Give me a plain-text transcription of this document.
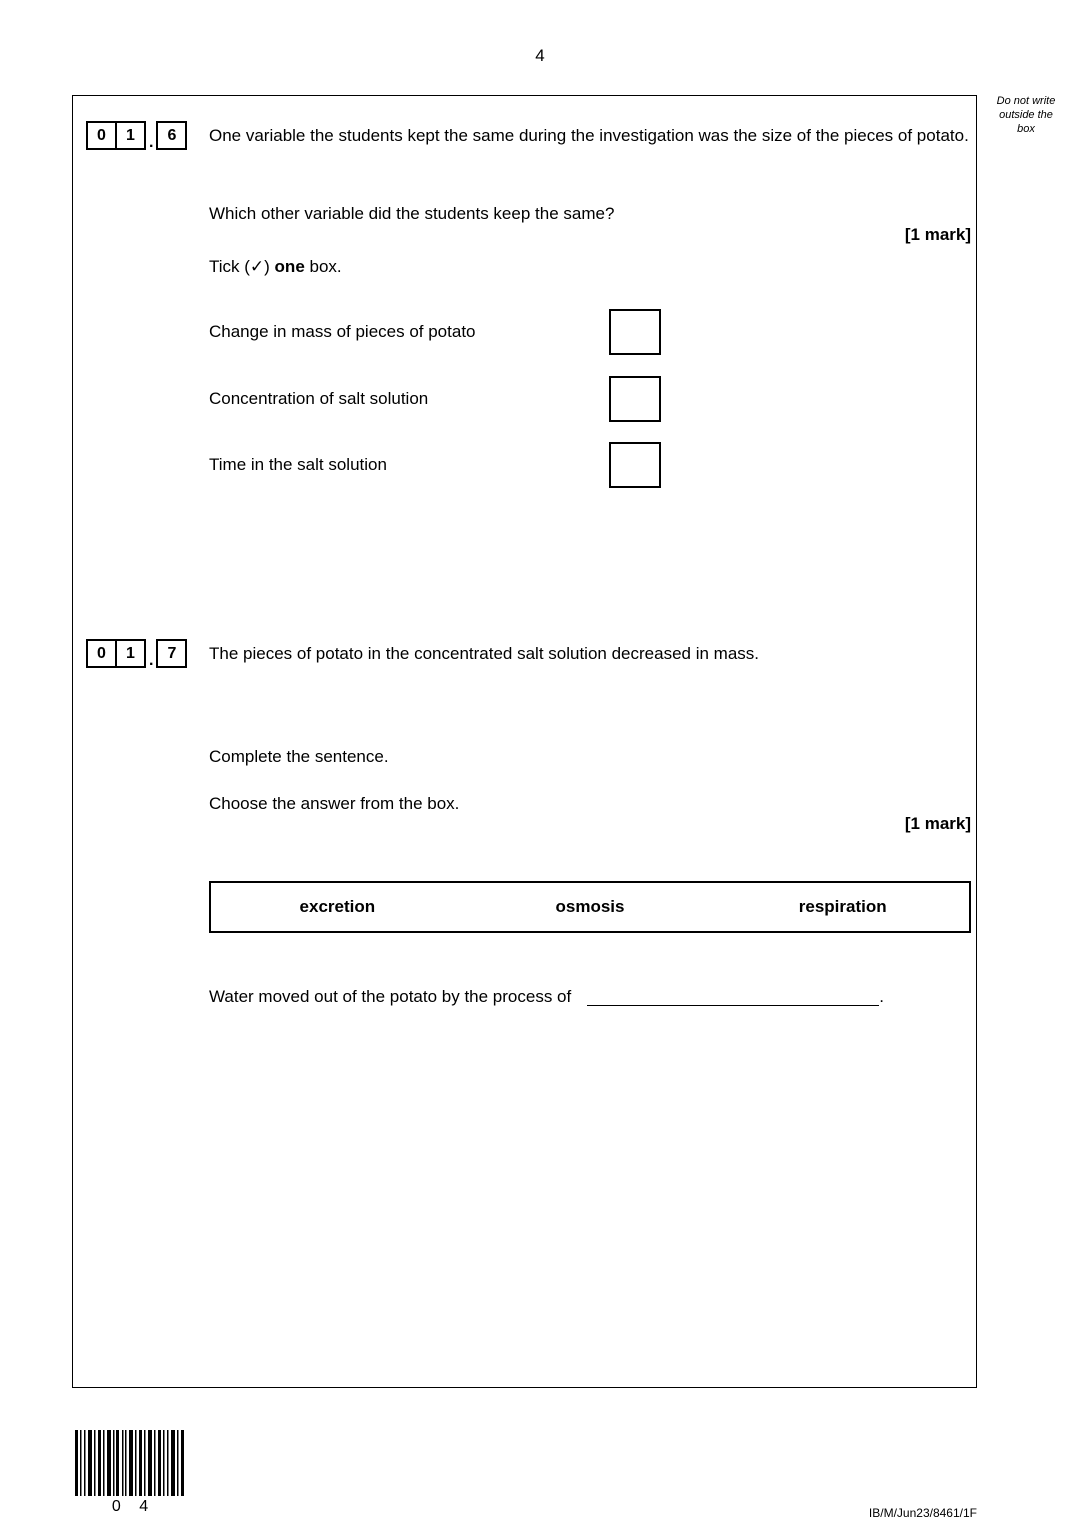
4
Do not write
outside the
box
0	1 . 6	One variable the students kept the same during the investigation was the size of the pieces of potato.
Which other variable did the students keep the same?
[1 mark]
Tick (✓) one box.
Change in mass of pieces of potato
Concentration of salt solution
Time in the salt solution
0	1 . 7	The pieces of potato in the concentrated salt solution decreased in mass.
Complete the sentence.
Choose the answer from the box.
[1 mark]
excretion	osmosis	respiration
Water moved out of the potato by the process of	.
0 4	IB/M/Jun23/8461/1F
